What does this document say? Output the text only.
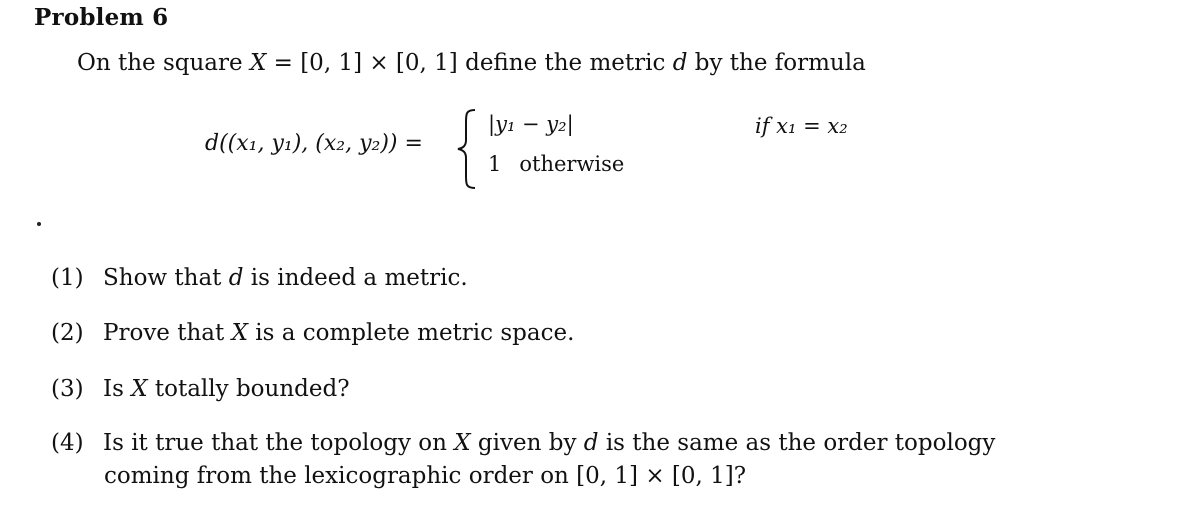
Problem 6
On the square X = [0, 1] × [0, 1] define the metric d by the formula
d((x₁, y₁), (x₂, y₂)) =
|y₁ − y₂|	if x₁ = x₂
1 otherwise
(1) Show that d is indeed a metric.
(2) Prove that X is a complete metric space.
(3) Is X totally bounded?
(4) Is it true that the topology on X given by d is the same as the order topology
coming from the lexicographic order on [0, 1] × [0, 1]?
